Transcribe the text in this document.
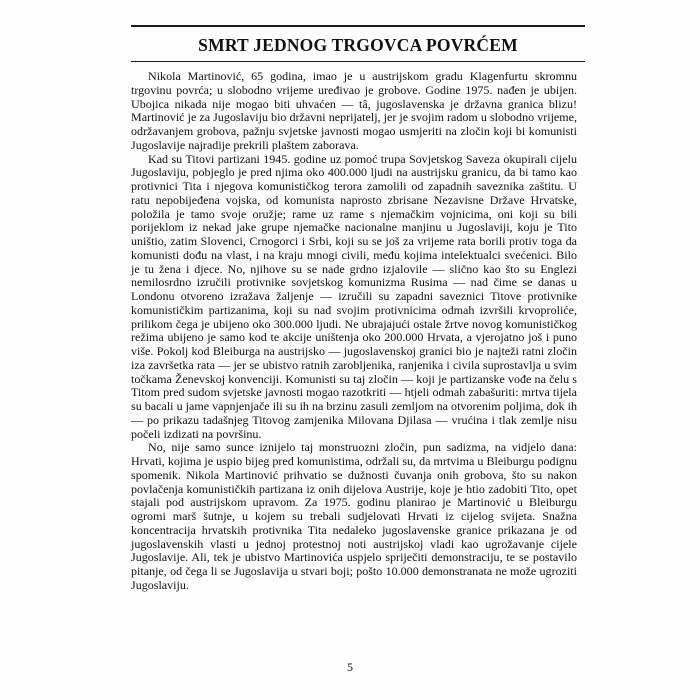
SMRT JEDNOG TRGOVCA POVRĆEM

Nikola Martinović, 65 godina, imao je u austrijskom gradu Klagenfurtu skromnu trgovinu povrća; u slobodno vrijeme uređivao je grobove. Godine 1975. nađen je ubijen. Ubojica nikada nije mogao biti uhvaćen — tâ, jugoslavenska je državna granica blizu! Martinović je za Jugoslaviju bio državni neprijatelj, jer je svojim radom u slobodno vrijeme, održavanjem grobova, pažnju svjetske javnosti mogao usmjeriti na zločin koji bi komunisti Jugoslavije najradije prekrili plaštem zaborava.

Kad su Titovi partizani 1945. godine uz pomoć trupa Sovjetskog Saveza okupirali cijelu Jugoslaviju, pobjeglo je pred njima oko 400.000 ljudi na austrijsku granicu, da bi tamo kao protivnici Tita i njegova komunističkog terora zamolili od zapadnih saveznika zaštitu. U ratu nepobijeđena vojska, od komunista naprosto zbrisane Nezavisne Države Hrvatske, položila je tamo svoje oružje; rame uz rame s njemačkim vojnicima, oni koji su bili porijeklom iz nekad jake grupe njemačke nacionalne manjinu u Jugoslaviji, koju je Tito uništio, zatim Slovenci, Crnogorci i Srbi, koji su se još za vrijeme rata borili protiv toga da komunisti dođu na vlast, i na kraju mnogi civili, među kojima intelektualci svećenici. Bilo je tu žena i djece. No, njihove su se nade grdno izjalovile — slično kao što su Englezi nemilosrdno izručili protivnike sovjetskog komunizma Rusima — nad čime se danas u Londonu otvoreno izražava žaljenje — izručili su zapadni saveznici Titove protivnike komunističkim partizanima, koji su nad svojim protivnicima odmah izvršili krvoproliće, prilikom čega je ubijeno oko 300.000 ljudi. Ne ubrajajući ostale žrtve novog komunističkog režima ubijeno je samo kod te akcije uništenja oko 200.000 Hrvata, a vjerojatno još i puno više. Pokolj kod Bleiburga na austrijsko — jugoslavenskoj granici bio je najteži ratni zločin iza završetka rata — jer se ubistvo ratnih zarobljenika, ranjenika i civila suprostavlja u svim točkama Ženevskoj konvenciji. Komunisti su taj zločin — koji je partizanske vođe na čelu s Titom pred sudom svjetske javnosti mogao razotkriti — htjeli odmah zabašuriti: mrtva tijela su bacali u jame vapnjenjače ili su ih na brzinu zasuli zemljom na otvorenim poljima, dok ih — po prikazu tadašnjeg Titovog zamjenika Milovana Djilasa — vrućina i tlak zemlje nisu počeli izdizati na površinu.

No, nije samo sunce iznijelo taj monstruozni zločin, pun sadizma, na vidjelo dana: Hrvati, kojima je uspio bijeg pred komunistima, održali su, da mrtvima u Bleiburgu podignu spomenik. Nikola Martinović prihvatio se dužnosti čuvanja onih grobova, što su nakon povlačenja komunističkih partizana iz onih dijelova Austrije, koje je htio zadobiti Tito, opet stajali pod austrijskom upravom. Za 1975. godinu planirao je Martinović u Bleiburgu ogromi marš šutnje, u kojem su trebali sudjelovati Hrvati iz cijelog svijeta. Snažna koncentracija hrvatskih protivnika Tita nedaleko jugoslavenske granice prikazana je od jugoslavenskih vlasti u jednoj protestnoj noti austrijskoj vladi kao ugrožavanje cijele Jugoslavije. Ali, tek je ubistvo Martinovića uspjelo spriječiti demonstraciju, te se postavilo pitanje, od čega li se Jugoslavija u stvari boji; pošto 10.000 demonstranata ne može ugroziti Jugoslaviju.

5
